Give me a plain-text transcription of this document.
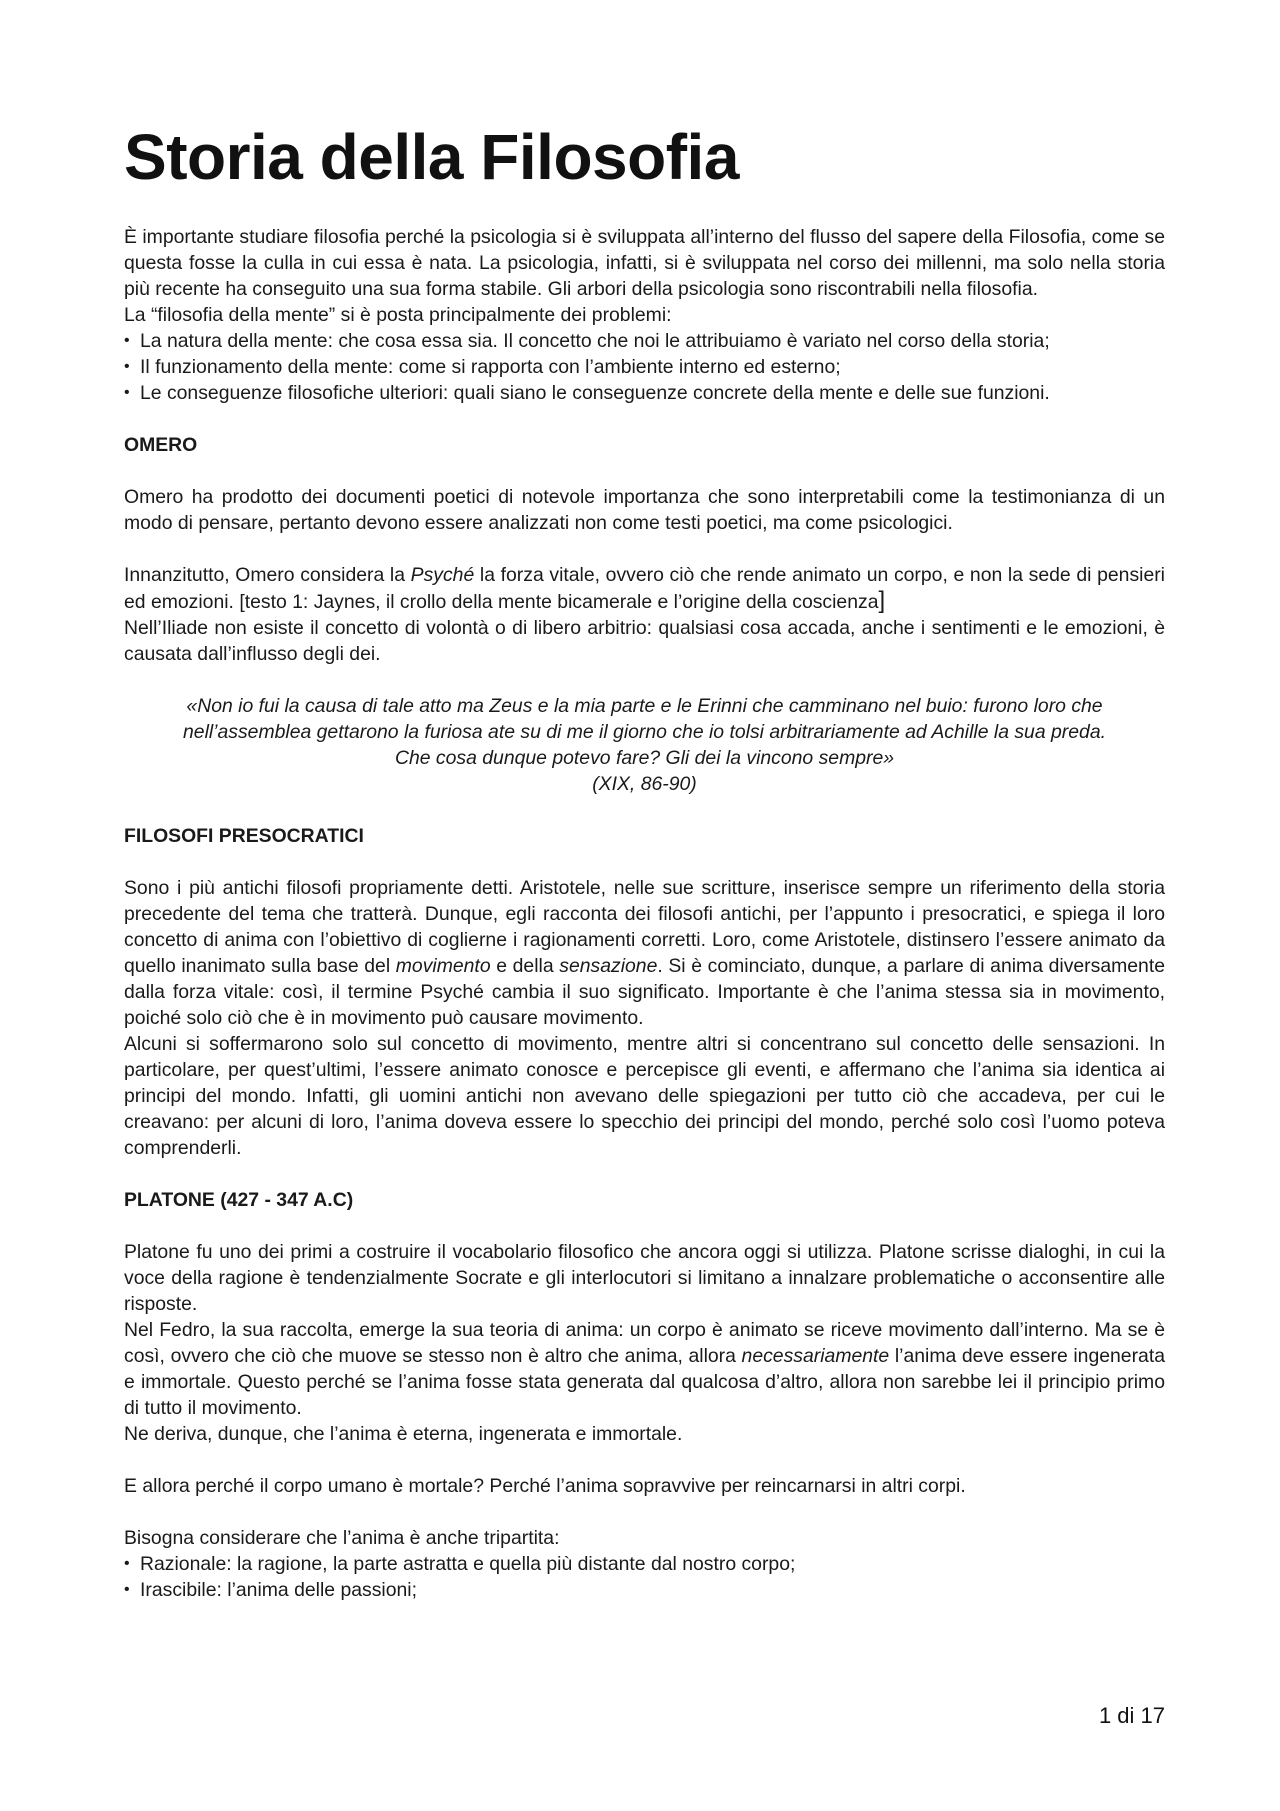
Storia della Filosofia

È importante studiare filosofia perché la psicologia si è sviluppata all’interno del flusso del sapere della Filosofia, come se questa fosse la culla in cui essa è nata. La psicologia, infatti, si è sviluppata nel corso dei millenni, ma solo nella storia più recente ha conseguito una sua forma stabile. Gli arbori della psicologia sono riscontrabili nella filosofia.

La “filosofia della mente” si è posta principalmente dei problemi:

• La natura della mente: che cosa essa sia. Il concetto che noi le attribuiamo è variato nel corso della storia;
• Il funzionamento della mente: come si rapporta con l’ambiente interno ed esterno;
• Le conseguenze filosofiche ulteriori: quali siano le conseguenze concrete della mente e delle sue funzioni.
OMERO

Omero ha prodotto dei documenti poetici di notevole importanza che sono interpretabili come la testimonianza di un modo di pensare, pertanto devono essere analizzati non come testi poetici, ma come psicologici.

Innanzitutto, Omero considera la Psyché la forza vitale, ovvero ciò che rende animato un corpo, e non la sede di pensieri ed emozioni. [testo 1: Jaynes, il crollo della mente bicamerale e l’origine della coscienza]

Nell’Iliade non esiste il concetto di volontà o di libero arbitrio: qualsiasi cosa accada, anche i sentimenti e le emozioni, è causata dall’influsso degli dei.

«Non io fui la causa di tale atto ma Zeus e la mia parte e le Erinni che camminano nel buio: furono loro che

nell’assemblea gettarono la furiosa ate su di me il giorno che io tolsi arbitrariamente ad Achille la sua preda.

Che cosa dunque potevo fare? Gli dei la vincono sempre»

(XIX, 86-90)

FILOSOFI PRESOCRATICI

Sono i più antichi filosofi propriamente detti. Aristotele, nelle sue scritture, inserisce sempre un riferimento della storia precedente del tema che tratterà. Dunque, egli racconta dei filosofi antichi, per l’appunto i presocratici, e spiega il loro concetto di anima con l’obiettivo di coglierne i ragionamenti corretti. Loro, come Aristotele, distinsero l’essere animato da quello inanimato sulla base del movimento e della sensazione. Si è cominciato, dunque, a parlare di anima diversamente dalla forza vitale: così, il termine Psyché cambia il suo significato. Importante è che l’anima stessa sia in movimento, poiché solo ciò che è in movimento può causare movimento.

Alcuni si soffermarono solo sul concetto di movimento, mentre altri si concentrano sul concetto delle sensazioni. In particolare, per quest’ultimi, l’essere animato conosce e percepisce gli eventi, e affermano che l’anima sia identica ai principi del mondo. Infatti, gli uomini antichi non avevano delle spiegazioni per tutto ciò che accadeva, per cui le creavano: per alcuni di loro, l’anima doveva essere lo specchio dei principi del mondo, perché solo così l’uomo poteva comprenderli.

PLATONE (427 - 347 A.C)

Platone fu uno dei primi a costruire il vocabolario filosofico che ancora oggi si utilizza. Platone scrisse dialoghi, in cui la voce della ragione è tendenzialmente Socrate e gli interlocutori si limitano a innalzare problematiche o acconsentire alle risposte.

Nel Fedro, la sua raccolta, emerge la sua teoria di anima: un corpo è animato se riceve movimento dall’interno. Ma se è così, ovvero che ciò che muove se stesso non è altro che anima, allora necessariamente l’anima deve essere ingenerata e immortale. Questo perché se l’anima fosse stata generata dal qualcosa d’altro, allora non sarebbe lei il principio primo di tutto il movimento.

Ne deriva, dunque, che l’anima è eterna, ingenerata e immortale.

E allora perché il corpo umano è mortale? Perché l’anima sopravvive per reincarnarsi in altri corpi.

Bisogna considerare che l’anima è anche tripartita:

• Razionale: la ragione, la parte astratta e quella più distante dal nostro corpo;
• Irascibile: l’anima delle passioni;
1 di 17
